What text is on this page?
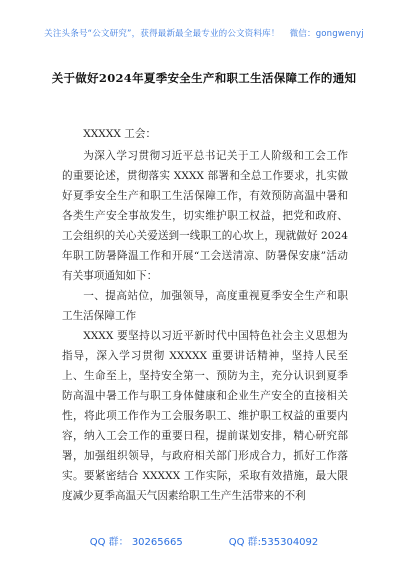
关注头条号“公文研究”，获得最新最全最专业的公文资料库！ 微信：gongwenyj
关于做好2024年夏季安全生产和职工生活保障工作的通知

XXXXX 工会：

为深入学习贯彻习近平总书记关于工人阶级和工会工作的重要论述，贯彻落实 XXXX 部署和全总工作要求，扎实做好夏季安全生产和职工生活保障工作，有效预防高温中暑和各类生产安全事故发生，切实维护职工权益，把党和政府、工会组织的关心关爱送到一线职工的心坎上，现就做好 2024 年职工防暑降温工作和开展“工会送清凉、防暑保安康”活动有关事项通知如下：

一、提高站位，加强领导，高度重视夏季安全生产和职工生活保障工作

XXXX 要坚持以习近平新时代中国特色社会主义思想为指导，深入学习贯彻 XXXXX 重要讲话精神，坚持人民至上、生命至上，坚持安全第一、预防为主，充分认识到夏季防高温中暑工作与职工身体健康和企业生产安全的直接相关性，将此项工作作为工会服务职工、维护职工权益的重要内容，纳入工会工作的重要日程，提前谋划安排，精心研究部署，加强组织领导，与政府相关部门形成合力，抓好工作落实。要紧密结合 XXXXX 工作实际，采取有效措施，最大限度减少夏季高温天气因素给职工生产生活带来的不利

QQ 群： 30265665	QQ 群:535304092
